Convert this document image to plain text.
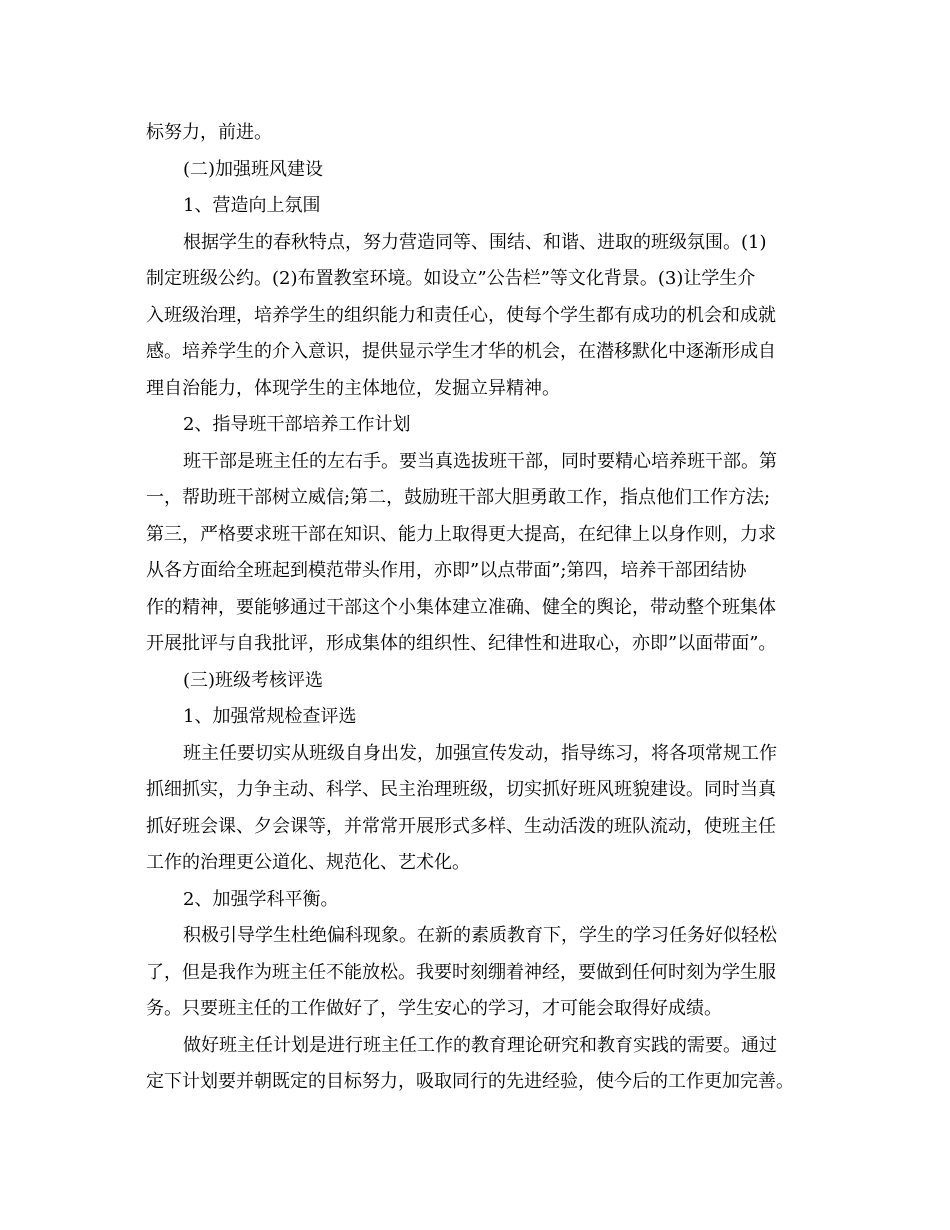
标努力，前进。
(二)加强班风建设
1、营造向上氛围
根据学生的春秋特点，努力营造同等、围结、和谐、进取的班级氛围。(1)
制定班级公约。(2)布置教室环境。如设立”公告栏”等文化背景。(3)让学生介
入班级治理，培养学生的组织能力和责任心，使每个学生都有成功的机会和成就
感。培养学生的介入意识，提供显示学生才华的机会，在潜移默化中逐渐形成自
理自治能力，体现学生的主体地位，发掘立异精神。
2、指导班干部培养工作计划
班干部是班主任的左右手。要当真选拔班干部，同时要精心培养班干部。第
一，帮助班干部树立威信;第二，鼓励班干部大胆勇敢工作，指点他们工作方法;
第三，严格要求班干部在知识、能力上取得更大提高，在纪律上以身作则，力求
从各方面给全班起到模范带头作用，亦即”以点带面”;第四，培养干部团结协
作的精神，要能够通过干部这个小集体建立准确、健全的舆论，带动整个班集体
开展批评与自我批评，形成集体的组织性、纪律性和进取心，亦即”以面带面”。
(三)班级考核评选
1、加强常规检查评选
班主任要切实从班级自身出发，加强宣传发动，指导练习，将各项常规工作
抓细抓实，力争主动、科学、民主治理班级，切实抓好班风班貌建设。同时当真
抓好班会课、夕会课等，并常常开展形式多样、生动活泼的班队流动，使班主任
工作的治理更公道化、规范化、艺术化。
2、加强学科平衡。
积极引导学生杜绝偏科现象。在新的素质教育下，学生的学习任务好似轻松
了，但是我作为班主任不能放松。我要时刻绷着神经，要做到任何时刻为学生服
务。只要班主任的工作做好了，学生安心的学习，才可能会取得好成绩。
做好班主任计划是进行班主任工作的教育理论研究和教育实践的需要。通过
定下计划要并朝既定的目标努力，吸取同行的先进经验，使今后的工作更加完善。
